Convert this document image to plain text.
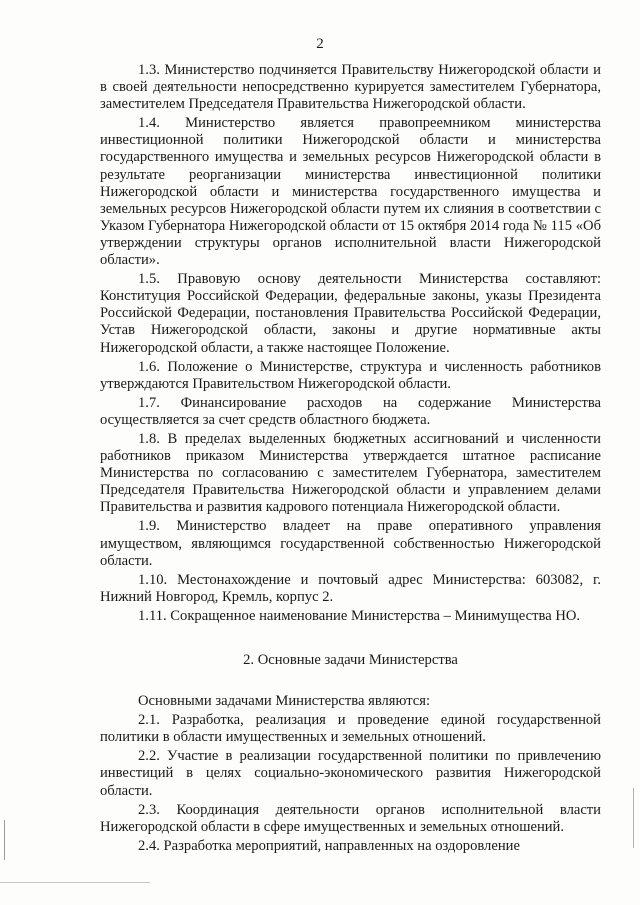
2

1.3. Министерство подчиняется Правительству Нижегородской области и в своей деятельности непосредственно курируется заместителем Губернатора, заместителем Председателя Правительства Нижегородской области.

1.4. Министерство является правопреемником министерства инвестиционной политики Нижегородской области и министерства государственного имущества и земельных ресурсов Нижегородской области в результате реорганизации министерства инвестиционной политики Нижегородской области и министерства государственного имущества и земельных ресурсов Нижегородской области путем их слияния в соответствии с Указом Губернатора Нижегородской области от 15 октября 2014 года № 115 «Об утверждении структуры органов исполнительной власти Нижегородской области».

1.5. Правовую основу деятельности Министерства составляют: Конституция Российской Федерации, федеральные законы, указы Президента Российской Федерации, постановления Правительства Российской Федерации, Устав Нижегородской области, законы и другие нормативные акты Нижегородской области, а также настоящее Положение.

1.6. Положение о Министерстве, структура и численность работников утверждаются Правительством Нижегородской области.

1.7. Финансирование расходов на содержание Министерства осуществляется за счет средств областного бюджета.

1.8. В пределах выделенных бюджетных ассигнований и численности работников приказом Министерства утверждается штатное расписание Министерства по согласованию с заместителем Губернатора, заместителем Председателя Правительства Нижегородской области и управлением делами Правительства и развития кадрового потенциала Нижегородской области.

1.9. Министерство владеет на праве оперативного управления имуществом, являющимся государственной собственностью Нижегородской области.

1.10. Местонахождение и почтовый адрес Министерства: 603082, г. Нижний Новгород, Кремль, корпус 2.

1.11. Сокращенное наименование Министерства – Минимущества НО.

2. Основные задачи Министерства

Основными задачами Министерства являются:

2.1. Разработка, реализация и проведение единой государственной политики в области имущественных и земельных отношений.

2.2. Участие в реализации государственной политики по привлечению инвестиций в целях социально-экономического развития Нижегородской области.

2.3. Координация деятельности органов исполнительной власти Нижегородской области в сфере имущественных и земельных отношений.

2.4. Разработка мероприятий, направленных на оздоровление
